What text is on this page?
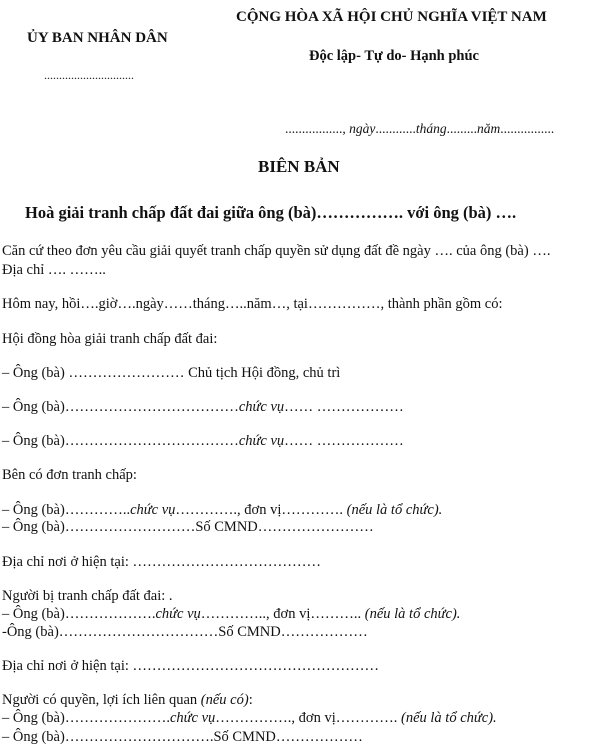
ỦY BAN NHÂN DÂN
..............................
CỘNG HÒA XÃ HỘI CHỦ NGHĨA VIỆT NAM
Độc lập- Tự do- Hạnh phúc
................., ngày............tháng.........năm................
BIÊN BẢN
Hoà giải tranh chấp đất đai giữa ông (bà)……………. với ông (bà) ….
Căn cứ theo đơn yêu cầu giải quyết tranh chấp quyền sử dụng đất đề ngày …. của ông (bà) ….
Địa chỉ …. ……..
Hôm nay, hồi….giờ….ngày……tháng…..năm…, tại……………, thành phần gồm có:
Hội đồng hòa giải tranh chấp đất đai:
– Ông (bà) …………………… Chủ tịch Hội đồng, chủ trì
– Ông (bà)………………………………chức vụ…… ………………
– Ông (bà)………………………………chức vụ…… ………………
Bên có đơn tranh chấp:
– Ông (bà)…………..chức vụ…………., đơn vị…………. (nếu là tổ chức).
– Ông (bà)………………………Số CMND……………………
Địa chỉ nơi ở hiện tại: …………………………………
Người bị tranh chấp đất đai: .
– Ông (bà)……………….chức vụ………….., đơn vị……….. (nếu là tổ chức).
-Ông (bà)……………………………Số CMND………………
Địa chỉ nơi ở hiện tại: ……………………………………………
Người có quyền, lợi ích liên quan (nếu có):
– Ông (bà)………………….chức vụ……………., đơn vị…………. (nếu là tổ chức).
– Ông (bà)………………………….Số CMND………………
